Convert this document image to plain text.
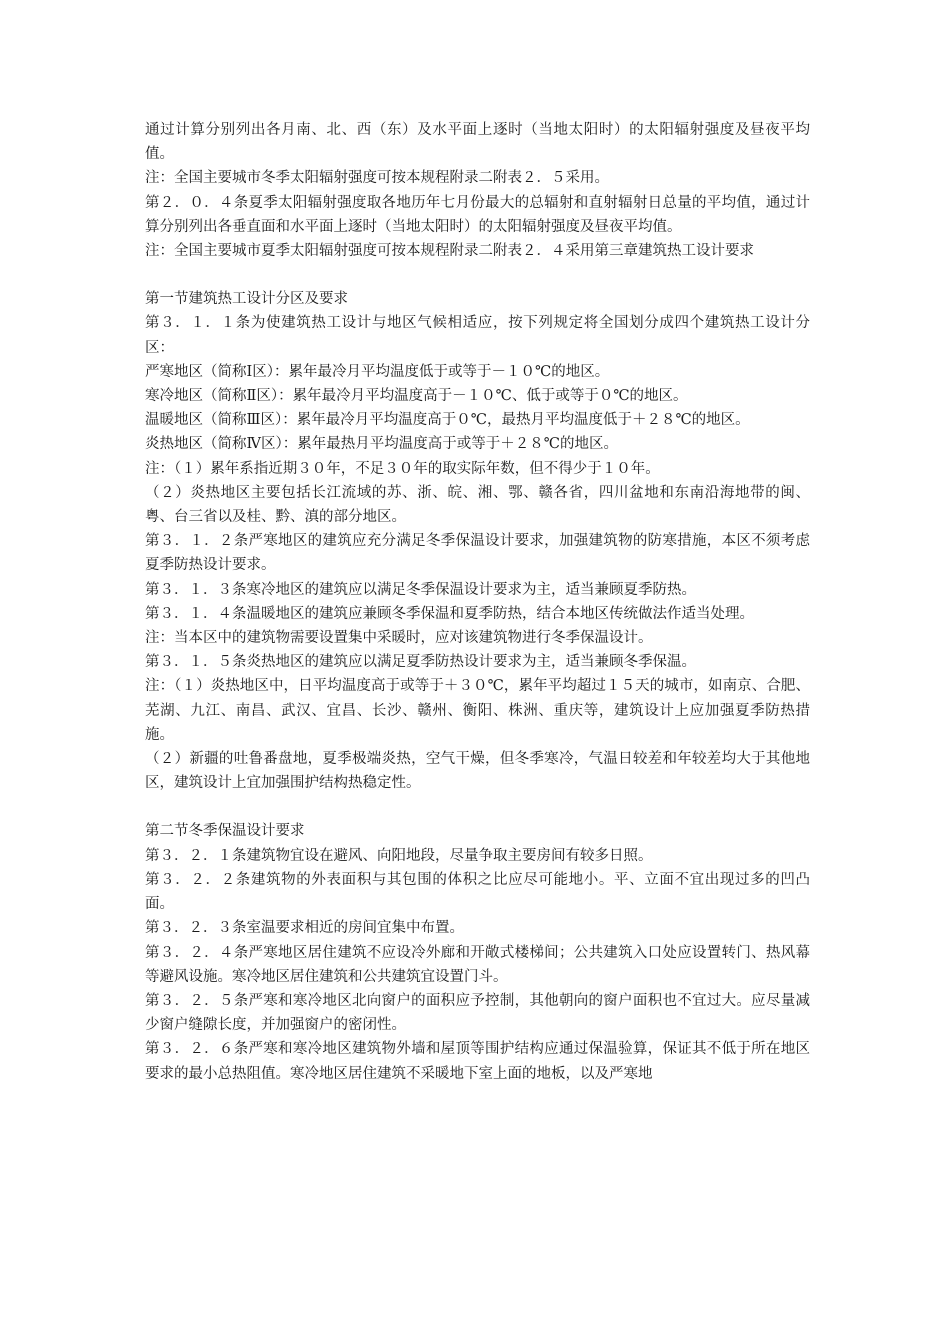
通过计算分别列出各月南、北、西（东）及水平面上逐时（当地太阳时）的太阳辐射强度及昼夜平均值。

注：全国主要城市冬季太阳辐射强度可按本规程附录二附表２．５采用。

第２．０．４条夏季太阳辐射强度取各地历年七月份最大的总辐射和直射辐射日总量的平均值，通过计算分别列出各垂直面和水平面上逐时（当地太阳时）的太阳辐射强度及昼夜平均值。

注：全国主要城市夏季太阳辐射强度可按本规程附录二附表２．４采用第三章建筑热工设计要求

第一节建筑热工设计分区及要求

第３．１．１条为使建筑热工设计与地区气候相适应，按下列规定将全国划分成四个建筑热工设计分区：

严寒地区（简称Ⅰ区）：累年最冷月平均温度低于或等于－１０℃的地区。

寒冷地区（简称Ⅱ区）：累年最冷月平均温度高于－１０℃、低于或等于０℃的地区。

温暖地区（简称Ⅲ区）：累年最冷月平均温度高于０℃，最热月平均温度低于＋２８℃的地区。

炎热地区（简称Ⅳ区）：累年最热月平均温度高于或等于＋２８℃的地区。

注：（１）累年系指近期３０年，不足３０年的取实际年数，但不得少于１０年。

（２）炎热地区主要包括长江流域的苏、浙、皖、湘、鄂、赣各省，四川盆地和东南沿海地带的闽、粤、台三省以及桂、黔、滇的部分地区。

第３．１．２条严寒地区的建筑应充分满足冬季保温设计要求，加强建筑物的防寒措施，本区不须考虑夏季防热设计要求。

第３．１．３条寒冷地区的建筑应以满足冬季保温设计要求为主，适当兼顾夏季防热。

第３．１．４条温暖地区的建筑应兼顾冬季保温和夏季防热，结合本地区传统做法作适当处理。

注：当本区中的建筑物需要设置集中采暖时，应对该建筑物进行冬季保温设计。

第３．１．５条炎热地区的建筑应以满足夏季防热设计要求为主，适当兼顾冬季保温。

注：（１）炎热地区中，日平均温度高于或等于＋３０℃，累年平均超过１５天的城市，如南京、合肥、芜湖、九江、南昌、武汉、宜昌、长沙、赣州、衡阳、株洲、重庆等，建筑设计上应加强夏季防热措施。

（２）新疆的吐鲁番盘地，夏季极端炎热，空气干燥，但冬季寒冷，气温日较差和年较差均大于其他地区，建筑设计上宜加强围护结构热稳定性。

第二节冬季保温设计要求

第３．２．１条建筑物宜设在避风、向阳地段，尽量争取主要房间有较多日照。

第３．２．２条建筑物的外表面积与其包围的体积之比应尽可能地小。平、立面不宜出现过多的凹凸面。

第３．２．３条室温要求相近的房间宜集中布置。

第３．２．４条严寒地区居住建筑不应设冷外廊和开敞式楼梯间；公共建筑入口处应设置转门、热风幕等避风设施。寒冷地区居住建筑和公共建筑宜设置门斗。

第３．２．５条严寒和寒冷地区北向窗户的面积应予控制，其他朝向的窗户面积也不宜过大。应尽量减少窗户缝隙长度，并加强窗户的密闭性。

第３．２．６条严寒和寒冷地区建筑物外墙和屋顶等围护结构应通过保温验算，保证其不低于所在地区要求的最小总热阻值。寒冷地区居住建筑不采暖地下室上面的地板，以及严寒地
